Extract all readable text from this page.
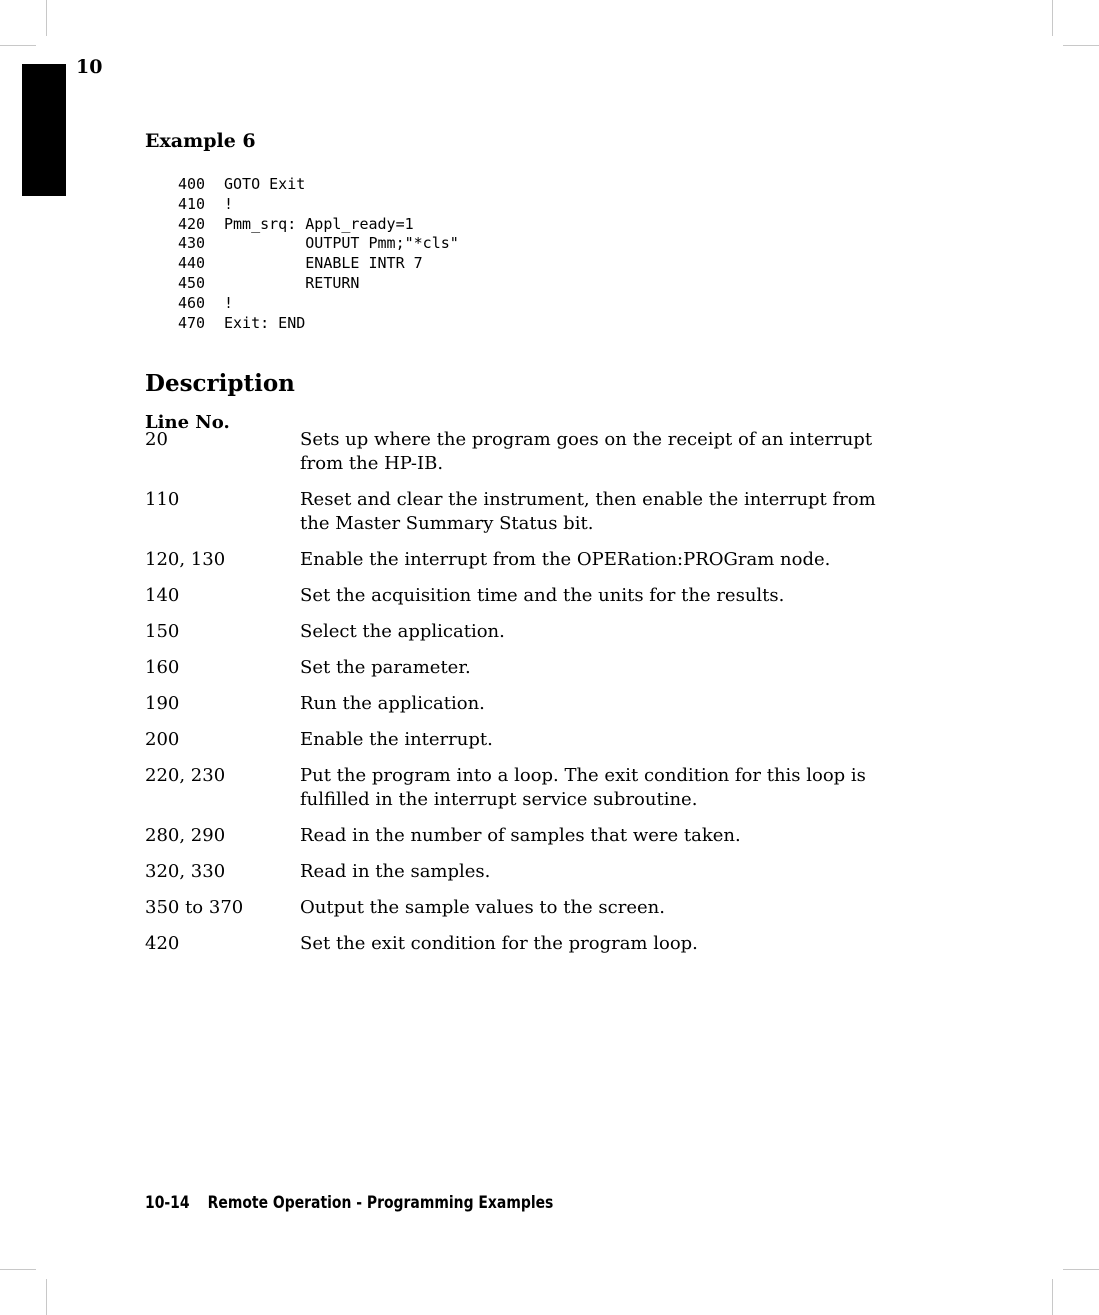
10
Example 6
400 GOTO Exit
410 !
420 Pmm_srq: Appl_ready=1
430         OUTPUT Pmm;"*cls"
440         ENABLE INTR 7
450         RETURN
460 !
470 Exit: END
Description
Line No.
20	Sets up where the program goes on the receipt of an interrupt from the HP-IB.
110	Reset and clear the instrument, then enable the interrupt from the Master Summary Status bit.
120, 130	Enable the interrupt from the OPERation:PROGram node.
140	Set the acquisition time and the units for the results.
150	Select the application.
160	Set the parameter.
190	Run the application.
200	Enable the interrupt.
220, 230	Put the program into a loop. The exit condition for this loop is fulfilled in the interrupt service subroutine.
280, 290	Read in the number of samples that were taken.
320, 330	Read in the samples.
350 to 370	Output the sample values to the screen.
420	Set the exit condition for the program loop.
10-14 Remote Operation - Programming Examples
